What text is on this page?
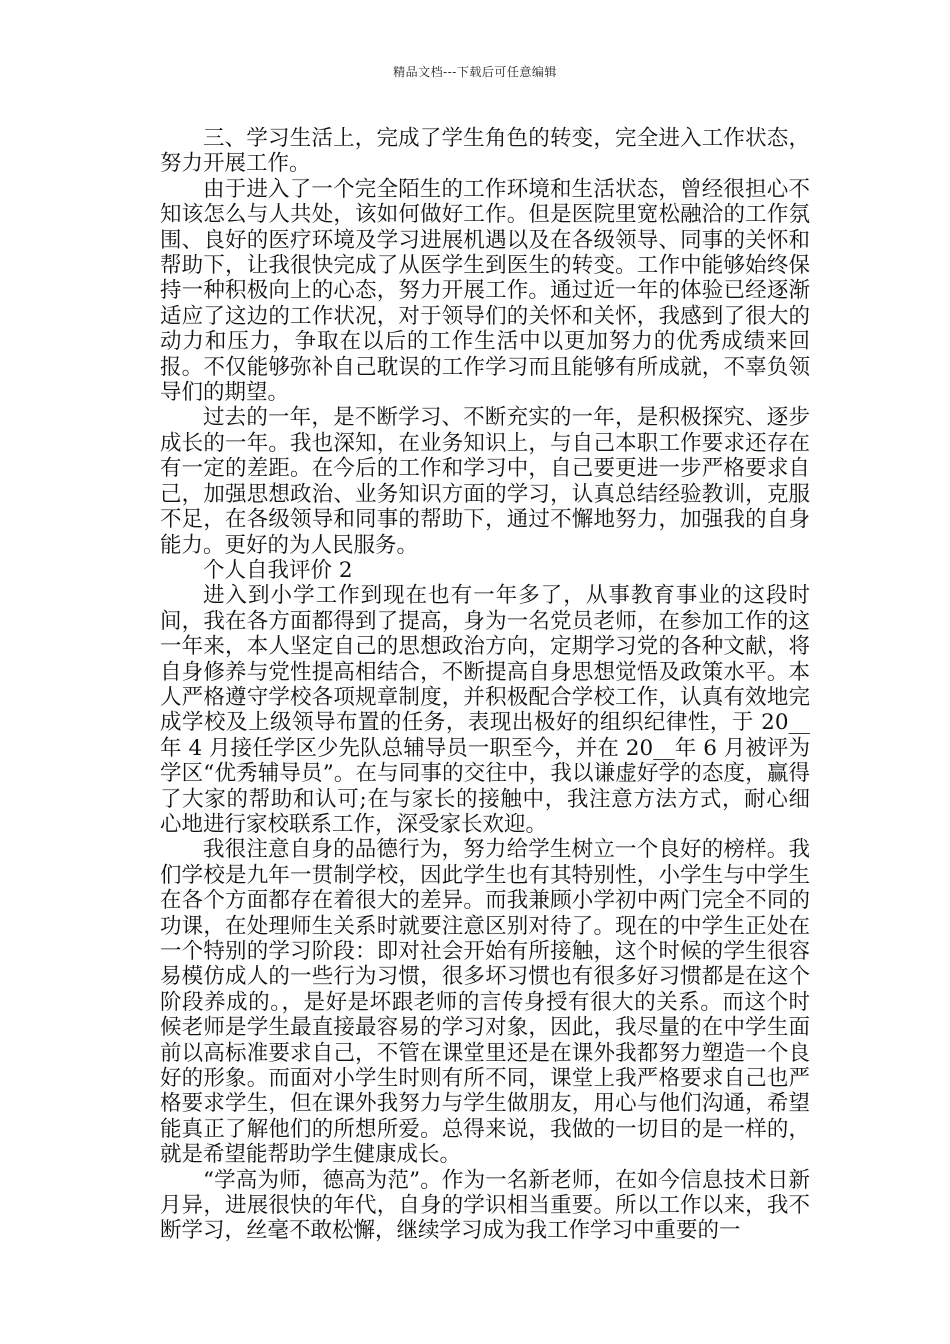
精品文档---下载后可任意编辑

三、学习生活上，完成了学生角色的转变，完全进入工作状态，努力开展工作。

由于进入了一个完全陌生的工作环境和生活状态，曾经很担心不知该怎么与人共处，该如何做好工作。但是医院里宽松融洽的工作氛围、良好的医疗环境及学习进展机遇以及在各级领导、同事的关怀和帮助下，让我很快完成了从医学生到医生的转变。工作中能够始终保持一种积极向上的心态，努力开展工作。通过近一年的体验已经逐渐适应了这边的工作状况，对于领导们的关怀和关怀，我感到了很大的动力和压力，争取在以后的工作生活中以更加努力的优秀成绩来回报。不仅能够弥补自己耽误的工作学习而且能够有所成就，不辜负领导们的期望。

过去的一年，是不断学习、不断充实的一年，是积极探究、逐步成长的一年。我也深知，在业务知识上，与自己本职工作要求还存在有一定的差距。在今后的工作和学习中，自己要更进一步严格要求自己，加强思想政治、业务知识方面的学习，认真总结经验教训，克服不足，在各级领导和同事的帮助下，通过不懈地努力，加强我的自身能力。更好的为人民服务。

个人自我评价 2

进入到小学工作到现在也有一年多了，从事教育事业的这段时间，我在各方面都得到了提高，身为一名党员老师，在参加工作的这一年来，本人坚定自己的思想政治方向，定期学习党的各种文献，将自身修养与党性提高相结合，不断提高自身思想觉悟及政策水平。本人严格遵守学校各项规章制度，并积极配合学校工作，认真有效地完成学校及上级领导布置的任务，表现出极好的组织纪律性，于 20__年 4 月接任学区少先队总辅导员一职至今，并在 20__年 6 月被评为学区“优秀辅导员”。在与同事的交往中，我以谦虚好学的态度，赢得了大家的帮助和认可;在与家长的接触中，我注意方法方式，耐心细心地进行家校联系工作，深受家长欢迎。

我很注意自身的品德行为，努力给学生树立一个良好的榜样。我们学校是九年一贯制学校，因此学生也有其特别性，小学生与中学生在各个方面都存在着很大的差异。而我兼顾小学初中两门完全不同的功课，在处理师生关系时就要注意区别对待了。现在的中学生正处在一个特别的学习阶段：即对社会开始有所接触，这个时候的学生很容易模仿成人的一些行为习惯，很多坏习惯也有很多好习惯都是在这个阶段养成的。，是好是坏跟老师的言传身授有很大的关系。而这个时候老师是学生最直接最容易的学习对象，因此，我尽量的在中学生面前以高标准要求自己，不管在课堂里还是在课外我都努力塑造一个良好的形象。而面对小学生时则有所不同，课堂上我严格要求自己也严格要求学生，但在课外我努力与学生做朋友，用心与他们沟通，希望能真正了解他们的所想所爱。总得来说，我做的一切目的是一样的，就是希望能帮助学生健康成长。

“学高为师，德高为范”。作为一名新老师，在如今信息技术日新月异，进展很快的年代，自身的学识相当重要。所以工作以来，我不断学习，丝毫不敢松懈，继续学习成为我工作学习中重要的一
